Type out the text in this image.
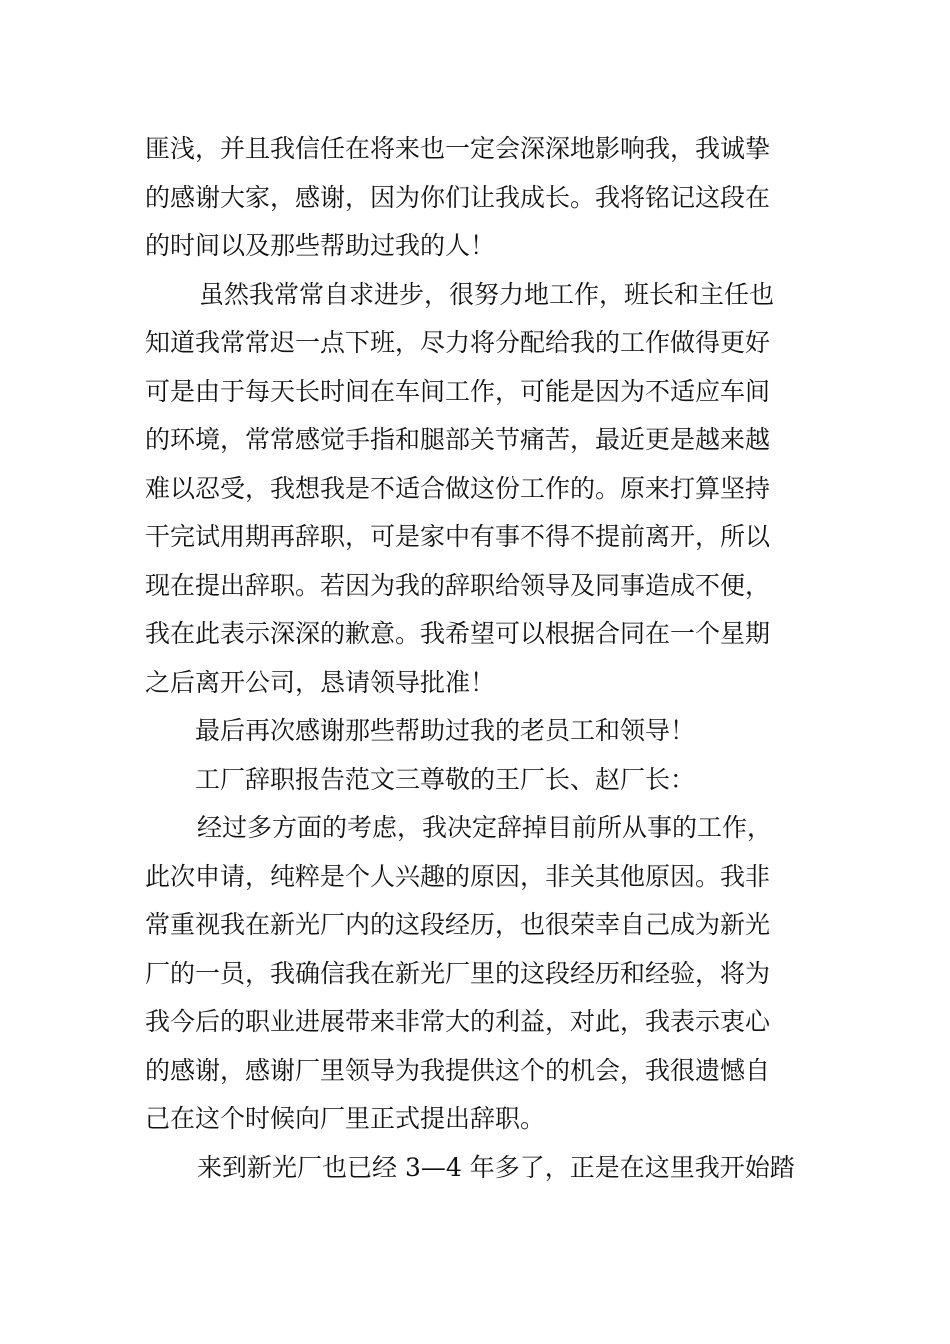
匪浅，并且我信任在将来也一定会深深地影响我，我诚挚
的感谢大家，感谢，因为你们让我成长。我将铭记这段在
的时间以及那些帮助过我的人！
虽然我常常自求进步，很努力地工作，班长和主任也
知道我常常迟一点下班，尽力将分配给我的工作做得更好
可是由于每天长时间在车间工作，可能是因为不适应车间
的环境，常常感觉手指和腿部关节痛苦，最近更是越来越
难以忍受，我想我是不适合做这份工作的。原来打算坚持
干完试用期再辞职，可是家中有事不得不提前离开，所以
现在提出辞职。若因为我的辞职给领导及同事造成不便，
我在此表示深深的歉意。我希望可以根据合同在一个星期
之后离开公司，恳请领导批准！
最后再次感谢那些帮助过我的老员工和领导！
工厂辞职报告范文三尊敬的王厂长、赵厂长：
经过多方面的考虑，我决定辞掉目前所从事的工作，
此次申请，纯粹是个人兴趣的原因，非关其他原因。我非
常重视我在新光厂内的这段经历，也很荣幸自己成为新光
厂的一员，我确信我在新光厂里的这段经历和经验，将为
我今后的职业进展带来非常大的利益，对此，我表示衷心
的感谢，感谢厂里领导为我提供这个的机会，我很遗憾自
己在这个时候向厂里正式提出辞职。
来到新光厂也已经 3—4 年多了，正是在这里我开始踏
